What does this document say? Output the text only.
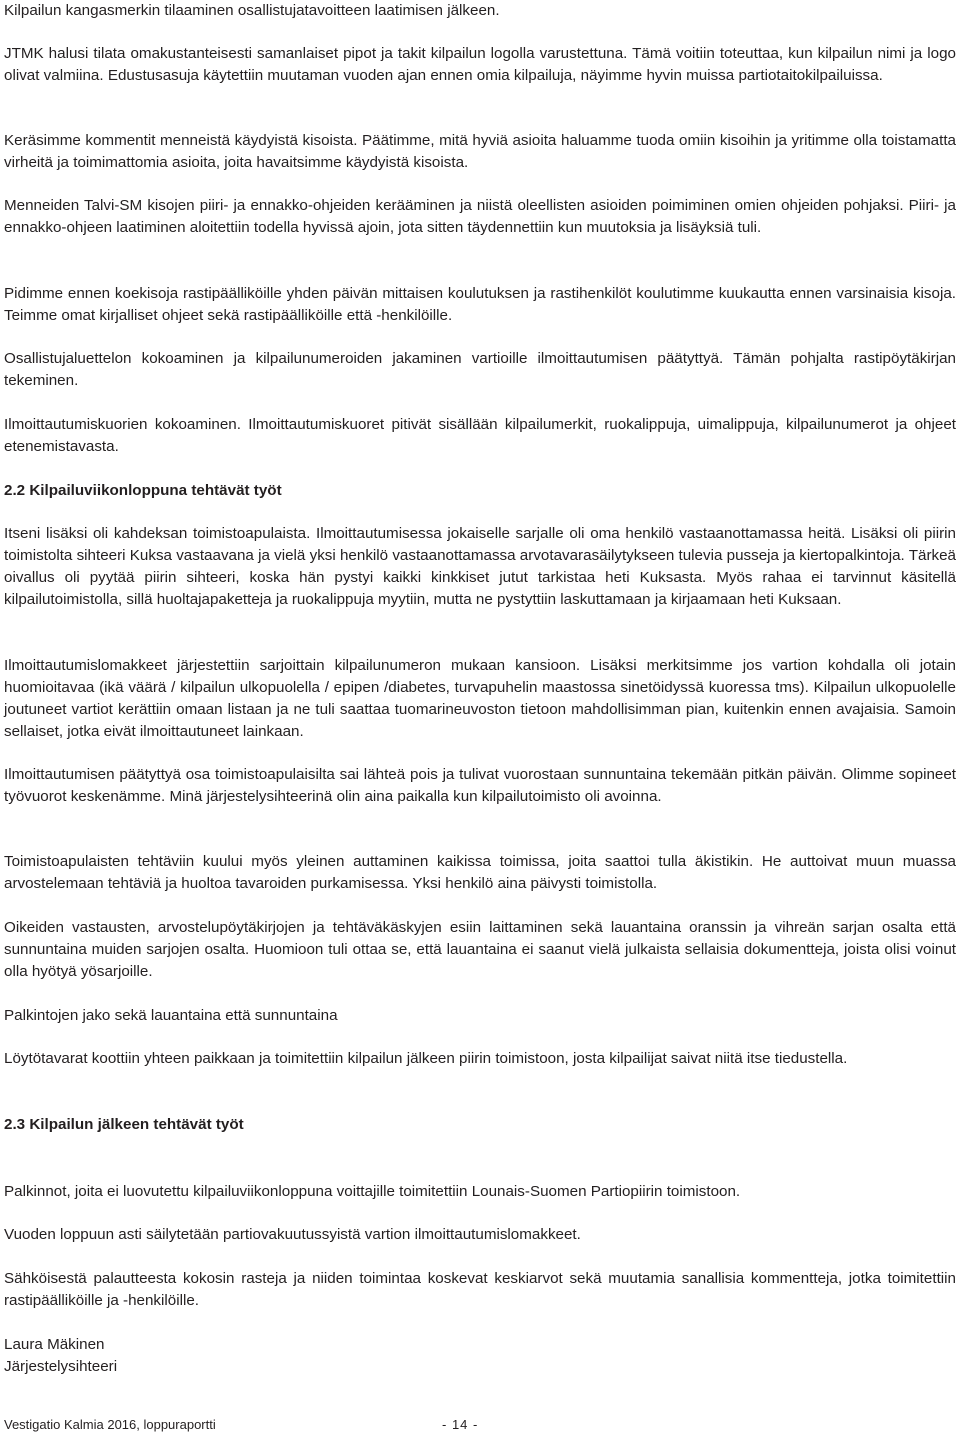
Kilpailun kangasmerkin tilaaminen osallistujatavoitteen laatimisen jälkeen.

JTMK halusi tilata omakustanteisesti samanlaiset pipot ja takit kilpailun logolla varustettuna. Tämä voitiin toteuttaa, kun kilpailun nimi ja logo olivat valmiina. Edustusasuja käytettiin muutaman vuoden ajan ennen omia kilpailuja, näyimme hyvin muissa partiotaitokilpailuissa.

Keräsimme kommentit menneistä käydyistä kisoista. Päätimme, mitä hyviä asioita haluamme tuoda omiin kisoihin ja yritimme olla toistamatta virheitä ja toimimattomia asioita, joita havaitsimme käydyistä kisoista.

Menneiden Talvi-SM kisojen piiri- ja ennakko-ohjeiden kerääminen ja niistä oleellisten asioiden poimiminen omien ohjeiden pohjaksi. Piiri- ja ennakko-ohjeen laatiminen aloitettiin todella hyvissä ajoin, jota sitten täydennettiin kun muutoksia ja lisäyksiä tuli.

Pidimme ennen koekisoja rastipäälliköille yhden päivän mittaisen koulutuksen ja rastihenkilöt koulutimme kuukautta ennen varsinaisia kisoja. Teimme omat kirjalliset ohjeet sekä rastipäälliköille että -henkilöille.

Osallistujaluettelon kokoaminen ja kilpailunumeroiden jakaminen vartioille ilmoittautumisen päätyttyä. Tämän pohjalta rastipöytäkirjan tekeminen.

Ilmoittautumiskuorien kokoaminen. Ilmoittautumiskuoret pitivät sisällään kilpailumerkit, ruokalippuja, uimalippuja, kilpailunumerot ja ohjeet etenemistavasta.

2.2 Kilpailuviikonloppuna tehtävät työt

Itseni lisäksi oli kahdeksan toimistoapulaista. Ilmoittautumisessa jokaiselle sarjalle oli oma henkilö vastaanottamassa heitä. Lisäksi oli piirin toimistolta sihteeri Kuksa vastaavana ja vielä yksi henkilö vastaanottamassa arvotavarasäilytykseen tulevia pusseja ja kiertopalkintoja. Tärkeä oivallus oli pyytää piirin sihteeri, koska hän pystyi kaikki kinkkiset jutut tarkistaa heti Kuksasta. Myös rahaa ei tarvinnut käsitellä kilpailutoimistolla, sillä huoltajapaketteja ja ruokalippuja myytiin, mutta ne pystyttiin laskuttamaan ja kirjaamaan heti Kuksaan.

Ilmoittautumislomakkeet järjestettiin sarjoittain kilpailunumeron mukaan kansioon. Lisäksi merkitsimme jos vartion kohdalla oli jotain huomioitavaa (ikä väärä / kilpailun ulkopuolella / epipen /diabetes, turvapuhelin maastossa sinetöidyssä kuoressa tms). Kilpailun ulkopuolelle joutuneet vartiot kerättiin omaan listaan ja ne tuli saattaa tuomarineuvoston tietoon mahdollisimman pian, kuitenkin ennen avajaisia. Samoin sellaiset, jotka eivät ilmoittautuneet lainkaan.

Ilmoittautumisen päätyttyä osa toimistoapulaisilta sai lähteä pois ja tulivat vuorostaan sunnuntaina tekemään pitkän päivän. Olimme sopineet työvuorot keskenämme. Minä järjestelysihteerinä olin aina paikalla kun kilpailutoimisto oli avoinna.

Toimistoapulaisten tehtäviin kuului myös yleinen auttaminen kaikissa toimissa, joita saattoi tulla äkistikin. He auttoivat muun muassa arvostelemaan tehtäviä ja huoltoa tavaroiden purkamisessa. Yksi henkilö aina päivysti toimistolla.

Oikeiden vastausten, arvostelupöytäkirjojen ja tehtäväkäskyjen esiin laittaminen sekä lauantaina oranssin ja vihreän sarjan osalta että sunnuntaina muiden sarjojen osalta. Huomioon tuli ottaa se, että lauantaina ei saanut vielä julkaista sellaisia dokumentteja, joista olisi voinut olla hyötyä yösarjoille.

Palkintojen jako sekä lauantaina että sunnuntaina

Löytötavarat koottiin yhteen paikkaan ja toimitettiin kilpailun jälkeen piirin toimistoon, josta kilpailijat saivat niitä itse tiedustella.

2.3 Kilpailun jälkeen tehtävät työt

Palkinnot, joita ei luovutettu kilpailuviikonloppuna voittajille toimitettiin Lounais-Suomen Partiopiirin toimistoon.

Vuoden loppuun asti säilytetään partiovakuutussyistä vartion ilmoittautumislomakkeet.

Sähköisestä palautteesta kokosin rasteja ja niiden toimintaa koskevat keskiarvot sekä muutamia sanallisia kommentteja, jotka toimitettiin rastipäälliköille ja -henkilöille.

Laura Mäkinen
Järjestelysihteeri
Vestigatio Kalmia 2016, loppuraportti	- 14 -
